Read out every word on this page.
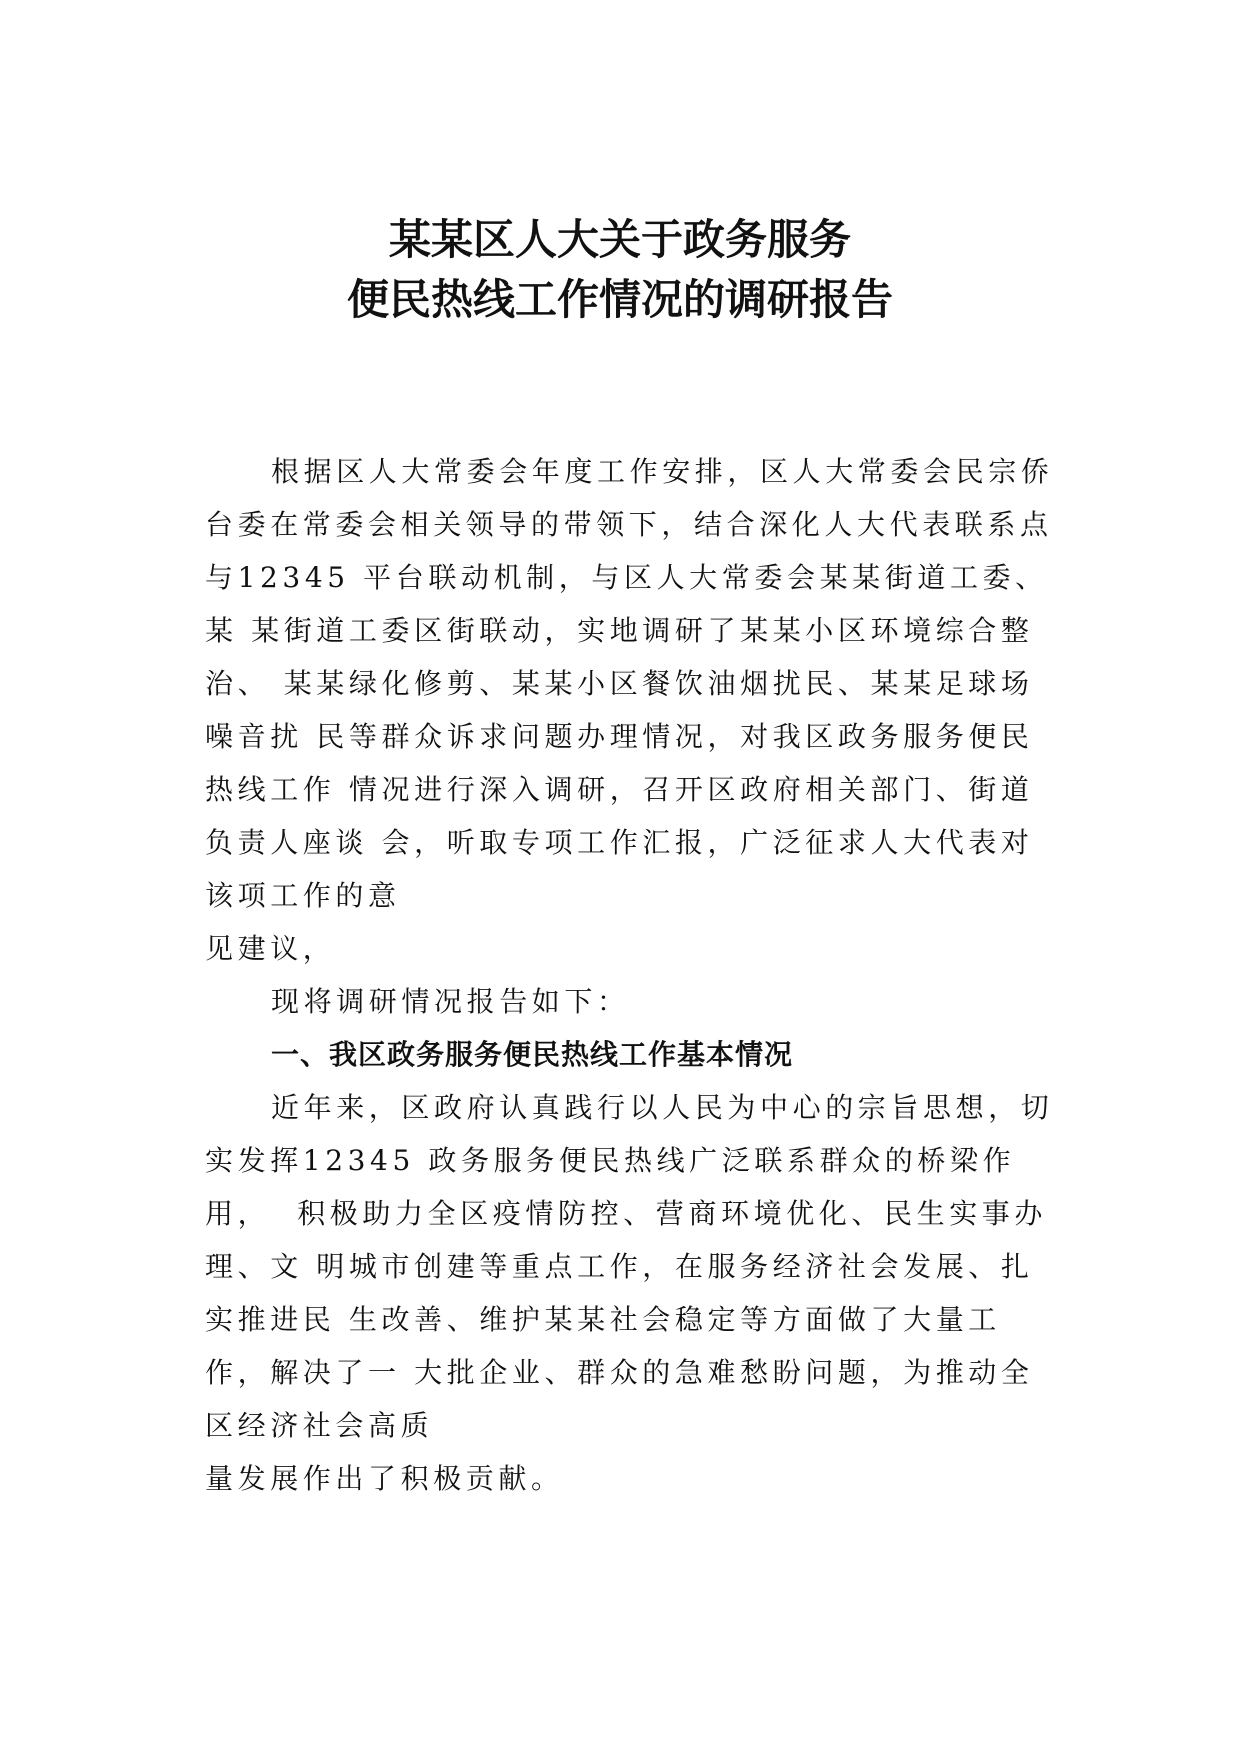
某某区人大关于政务服务
便民热线工作情况的调研报告
根据区人大常委会年度工作安排，区人大常委会民宗侨
台委在常委会相关领导的带领下，结合深化人大代表联系点
与12345 平台联动机制，与区人大常委会某某街道工委、
某 某街道工委区街联动，实地调研了某某小区环境综合整
治、 某某绿化修剪、某某小区餐饮油烟扰民、某某足球场
噪音扰 民等群众诉求问题办理情况，对我区政务服务便民
热线工作 情况进行深入调研，召开区政府相关部门、街道
负责人座谈 会，听取专项工作汇报，广泛征求人大代表对
该项工作的意
见建议，
现将调研情况报告如下：
一、我区政务服务便民热线工作基本情况
近年来，区政府认真践行以人民为中心的宗旨思想，切
实发挥12345 政务服务便民热线广泛联系群众的桥梁作
用，  积极助力全区疫情防控、营商环境优化、民生实事办
理、文 明城市创建等重点工作，在服务经济社会发展、扎
实推进民 生改善、维护某某社会稳定等方面做了大量工
作，解决了一 大批企业、群众的急难愁盼问题，为推动全
区经济社会高质
量发展作出了积极贡献。
